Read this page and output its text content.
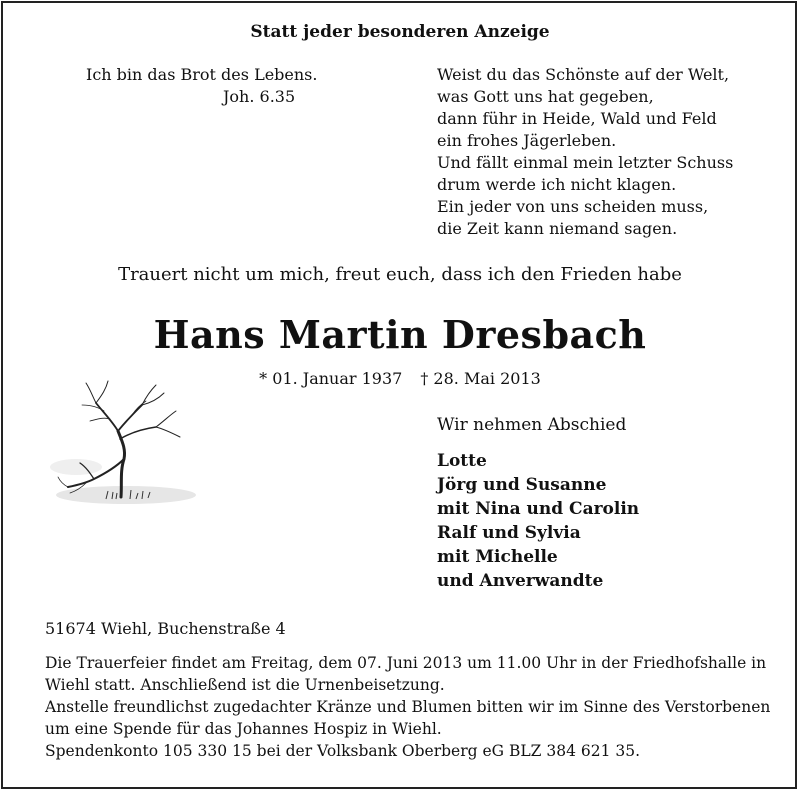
Statt jeder besonderen Anzeige
Ich bin das Brot des Lebens.
Joh. 6.35
Weist du das Schönste auf der Welt,
was Gott uns hat gegeben,
dann führ in Heide, Wald und Feld
ein frohes Jägerleben.
Und fällt einmal mein letzter Schuss
drum werde ich nicht klagen.
Ein jeder von uns scheiden muss,
die Zeit kann niemand sagen.
Trauert nicht um mich, freut euch, dass ich den Frieden habe
Hans Martin Dresbach
* 01. Januar 1937 † 28. Mai 2013
Wir nehmen Abschied
Lotte
Jörg und Susanne
mit Nina und Carolin
Ralf und Sylvia
mit Michelle
und Anverwandte
51674 Wiehl, Buchenstraße 4
Die Trauerfeier findet am Freitag, dem 07. Juni 2013 um 11.00 Uhr in der Friedhofshalle in
Wiehl statt. Anschließend ist die Urnenbeisetzung.
Anstelle freundlichst zugedachter Kränze und Blumen bitten wir im Sinne des Verstorbenen
um eine Spende für das Johannes Hospiz in Wiehl.
Spendenkonto 105 330 15 bei der Volksbank Oberberg eG BLZ 384 621 35.
